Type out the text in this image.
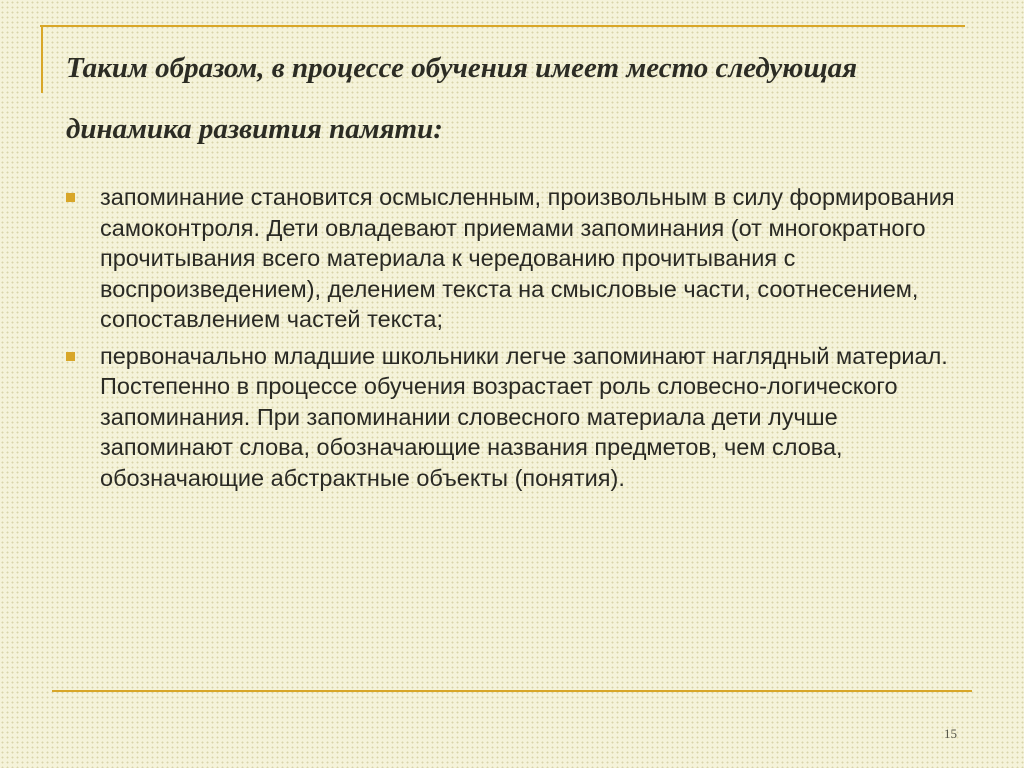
Таким образом, в процессе обучения имеет место следующая динамика развития памяти:
запоминание становится осмысленным, произвольным в силу формирования самоконтроля. Дети овладевают приемами запоминания (от многократного прочитывания всего материала к чередованию прочитывания с воспроизведением), делением текста на смысловые части, соотнесением, сопоставлением частей текста;
первоначально младшие школьники легче запоминают наглядный материал. Постепенно в процессе обучения возрастает роль словесно-логического запоминания. При запоминании словесного материала дети лучше запоминают слова, обозначающие названия предметов, чем слова, обозначающие абстрактные объекты (понятия).
15
